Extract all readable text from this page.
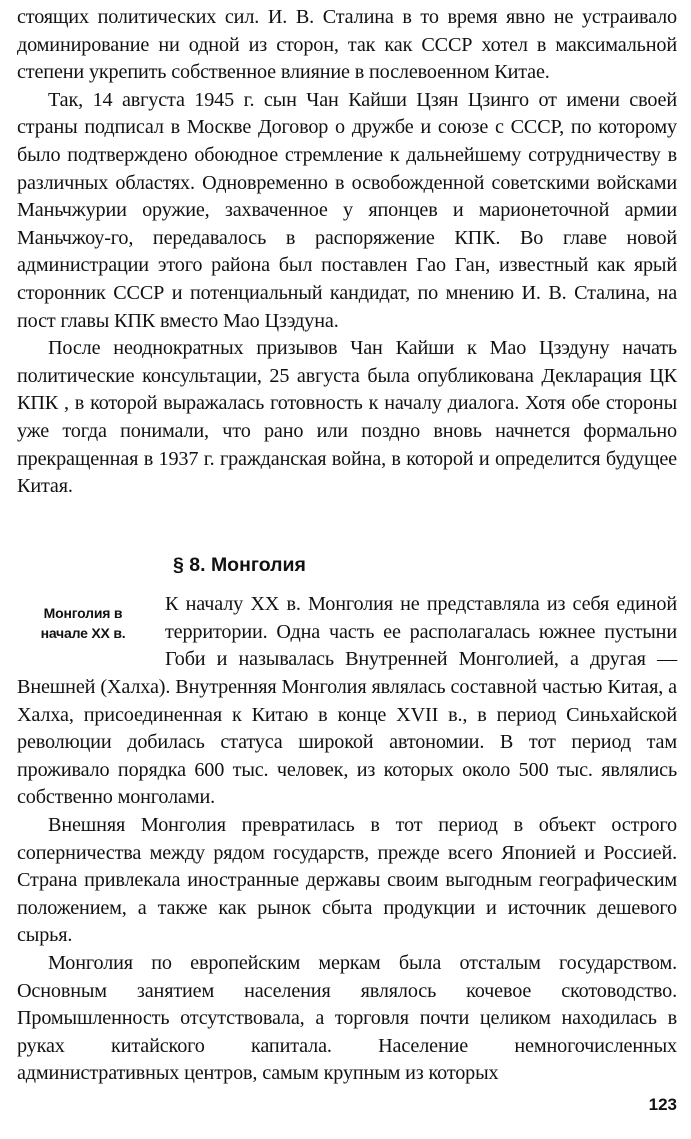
стоящих политических сил. И. В. Сталина в то время явно не устраивало доминирование ни одной из сторон, так как СССР хотел в максимальной степени укрепить собственное влияние в послевоенном Китае.

Так, 14 августа 1945 г. сын Чан Кайши Цзян Цзинго от имени своей страны подписал в Москве Договор о дружбе и союзе с СССР, по которому было подтверждено обоюдное стремление к дальнейшему сотрудничеству в различных областях. Одновременно в освобожденной советскими войсками Маньчжурии оружие, захваченное у японцев и марионеточной армии Маньчжоу-го, передавалось в распоряжение КПК. Во главе новой администрации этого района был поставлен Гао Ган, известный как ярый сторонник СССР и потенциальный кандидат, по мнению И. В. Сталина, на пост главы КПК вместо Мао Цзэдуна.

После неоднократных призывов Чан Кайши к Мао Цзэдуну начать политические консультации, 25 августа была опубликована Декларация ЦК КПК , в которой выражалась готовность к началу диалога. Хотя обе стороны уже тогда понимали, что рано или поздно вновь начнется формально прекращенная в 1937 г. гражданская война, в которой и определится будущее Китая.

§ 8. Монголия
Монголия в
начале XX в.

К началу XX в. Монголия не представляла из себя единой территории. Одна часть ее располагалась южнее пустыни Гоби и называлась Внутренней Монголией, а другая — Внешней (Халха). Внутренняя Монголия являлась составной частью Китая, а Халха, присоединенная к Китаю в конце XVII в., в период Синьхайской революции добилась статуса широкой автономии. В тот период там проживало порядка 600 тыс. человек, из которых около 500 тыс. являлись собственно монголами.

Внешняя Монголия превратилась в тот период в объект острого соперничества между рядом государств, прежде всего Японией и Россией. Страна привлекала иностранные державы своим выгодным географическим положением, а также как рынок сбыта продукции и источник дешевого сырья.

Монголия по европейским меркам была отсталым государством. Основным занятием населения являлось кочевое скотоводство. Промышленность отсутствовала, а торговля почти целиком находилась в руках китайского капитала. Население немногочисленных административных центров, самым крупным из которых

123
